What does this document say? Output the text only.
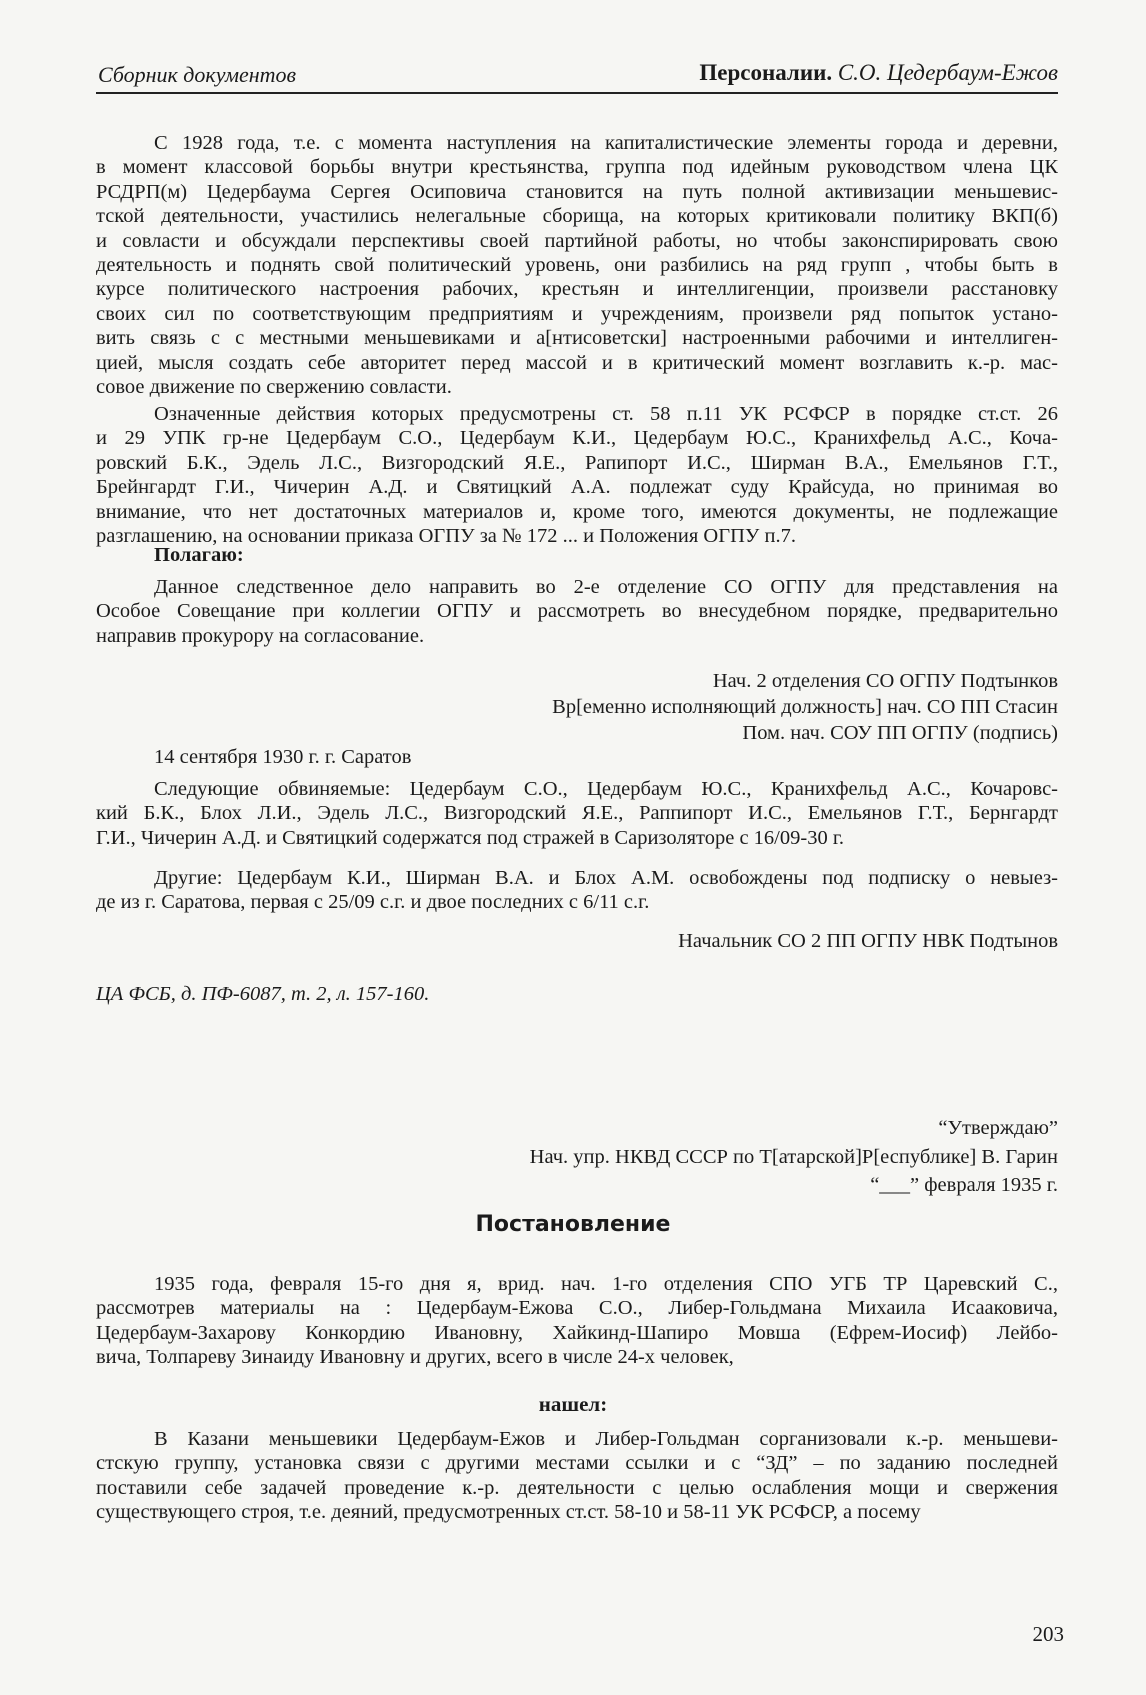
Сборник документов	Персоналии. С.О. Цедербаум-Ежов
С 1928 года, т.е. с момента наступления на капиталистические элементы города и деревни,
в момент классовой борьбы внутри крестьянства, группа под идейным руководством члена ЦК
РСДРП(м) Цедербаума Сергея Осиповича становится на путь полной активизации меньшевис-
тской деятельности, участились нелегальные сборища, на которых критиковали политику ВКП(б)
и совласти и обсуждали перспективы своей партийной работы, но чтобы законспирировать свою
деятельность и поднять свой политический уровень, они разбились на ряд групп , чтобы быть в
курсе политического настроения рабочих, крестьян и интеллигенции, произвели расстановку
своих сил по соответствующим предприятиям и учреждениям, произвели ряд попыток устано-
вить связь с с местными меньшевиками и а[нтисоветски] настроенными рабочими и интеллиген-
цией, мысля создать себе авторитет перед массой и в критический момент возглавить к.-р. мас-
совое движение по свержению совласти.
Означенные действия которых предусмотрены ст. 58 п.11 УК РСФСР в порядке ст.ст. 26
и 29 УПК гр-не Цедербаум С.О., Цедербаум К.И., Цедербаум Ю.С., Кранихфельд А.С., Коча-
ровский Б.К., Эдель Л.С., Визгородский Я.Е., Рапипорт И.С., Ширман В.А., Емельянов Г.Т.,
Брейнгардт Г.И., Чичерин А.Д. и Святицкий А.А. подлежат суду Крайсуда, но принимая во
внимание, что нет достаточных материалов и, кроме того, имеются документы, не подлежащие
разглашению, на основании приказа ОГПУ за № 172 ... и Положения ОГПУ п.7.
Полагаю:
Данное следственное дело направить во 2-е отделение СО ОГПУ для представления на
Особое Совещание при коллегии ОГПУ и рассмотреть во внесудебном порядке, предварительно
направив прокурору на согласование.
Нач. 2 отделения СО ОГПУ Подтынков
Вр[еменно исполняющий должность] нач. СО ПП Стасин
Пом. нач. СОУ ПП ОГПУ (подпись)
14 сентября 1930 г. г. Саратов
Следующие обвиняемые: Цедербаум С.О., Цедербаум Ю.С., Кранихфельд А.С., Кочаровс-
кий Б.К., Блох Л.И., Эдель Л.С., Визгородский Я.Е., Раппипорт И.С., Емельянов Г.Т., Бернгардт
Г.И., Чичерин А.Д. и Святицкий содержатся под стражей в Саризоляторе с 16/09-30 г.
Другие: Цедербаум К.И., Ширман В.А. и Блох А.М. освобождены под подписку о невыез-
де из г. Саратова, первая с 25/09 с.г. и двое последних с 6/11 с.г.
Начальник СО 2 ПП ОГПУ НВК Подтынов
ЦА ФСБ, д. ПФ-6087, т. 2, л. 157-160.
“Утверждаю”
Нач. упр. НКВД СССР по Т[атарской]Р[еспублике] В. Гарин
“___” февраля 1935 г.
Постановление
1935 года, февраля 15-го дня я, врид. нач. 1-го отделения СПО УГБ ТР Царевский С.,
рассмотрев материалы на : Цедербаум-Ежова С.О., Либер-Гольдмана Михаила Исааковича,
Цедербаум-Захарову Конкордию Ивановну, Хайкинд-Шапиро Мовша (Ефрем-Иосиф) Лейбо-
вича, Толпареву Зинаиду Ивановну и других, всего в числе 24-х человек,
нашел:
В Казани меньшевики Цедербаум-Ежов и Либер-Гольдман сорганизовали к.-р. меньшеви-
стскую группу, установка связи с другими местами ссылки и с “ЗД” – по заданию последней
поставили себе задачей проведение к.-р. деятельности с целью ослабления мощи и свержения
существующего строя, т.е. деяний, предусмотренных ст.ст. 58-10 и 58-11 УК РСФСР, а посему
203
